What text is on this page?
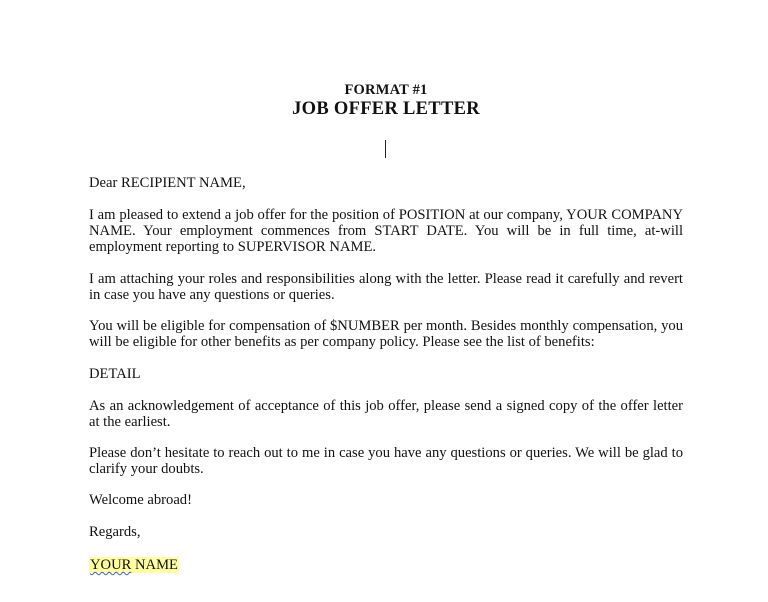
FORMAT #1
JOB OFFER LETTER

Dear RECIPIENT NAME,

I am pleased to extend a job offer for the position of POSITION at our company, YOUR COMPANY NAME. Your employment commences from START DATE. You will be in full time, at-will employment reporting to SUPERVISOR NAME.

I am attaching your roles and responsibilities along with the letter. Please read it carefully and revert in case you have any questions or queries.

You will be eligible for compensation of $NUMBER per month. Besides monthly compensation, you will be eligible for other benefits as per company policy. Please see the list of benefits:

DETAIL

As an acknowledgement of acceptance of this job offer, please send a signed copy of the offer letter at the earliest.

Please don’t hesitate to reach out to me in case you have any questions or queries. We will be glad to clarify your doubts.

Welcome abroad!

Regards,

YOUR NAME
